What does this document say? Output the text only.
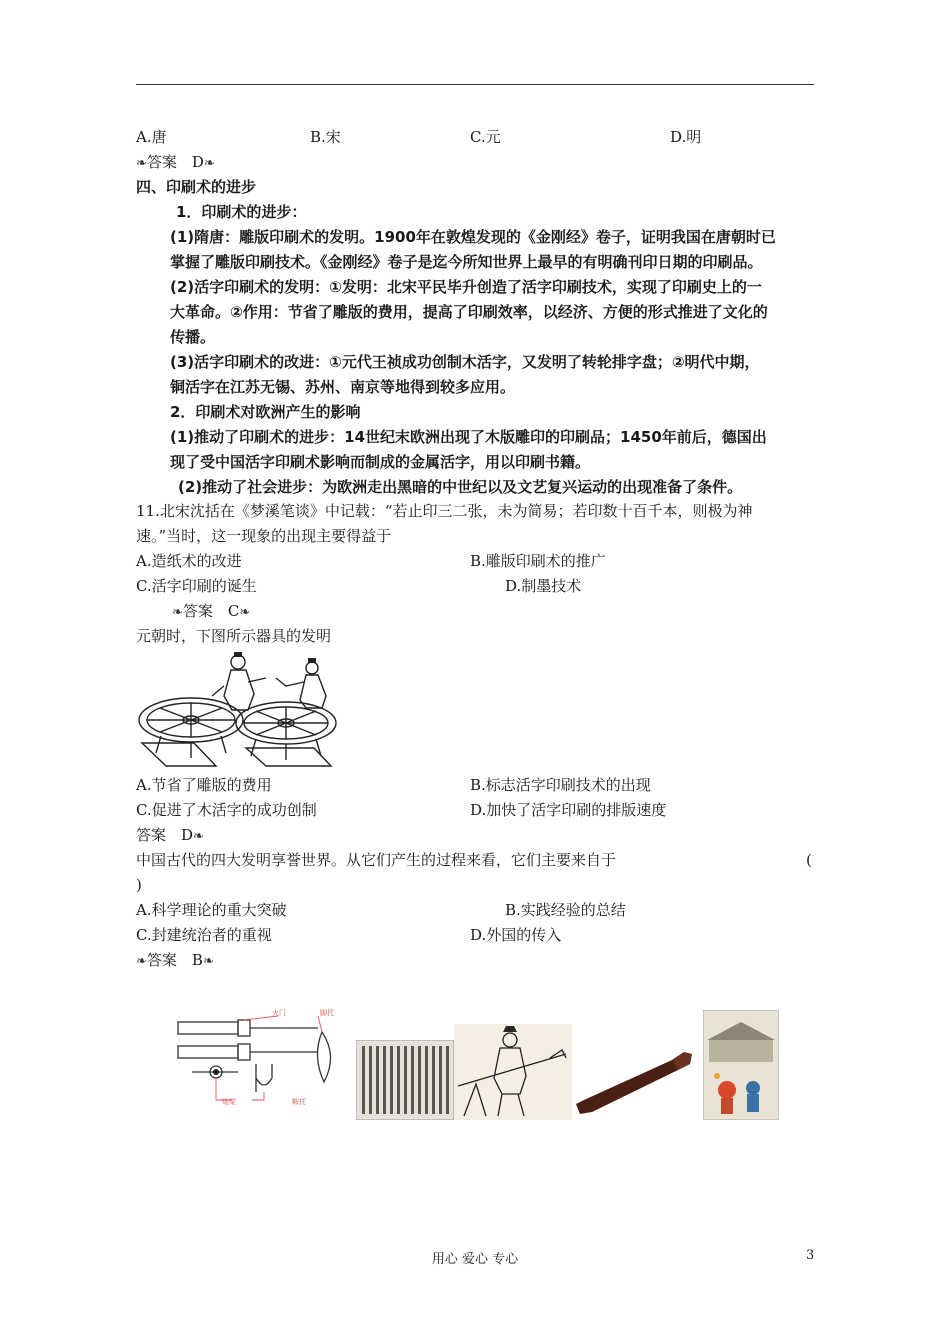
A.唐	B.宋	C.元	D.明
❧答案　D❧
四、印刷术的进步
1．印刷术的进步：
(1)隋唐：雕版印刷术的发明。1900年在敦煌发现的《金刚经》卷子，证明我国在唐朝时已
掌握了雕版印刷技术。《金刚经》卷子是迄今所知世界上最早的有明确刊印日期的印刷品。
(2)活字印刷术的发明：①发明：北宋平民毕升创造了活字印刷技术，实现了印刷史上的一
大革命。②作用：节省了雕版的费用，提高了印刷效率，以经济、方便的形式推进了文化的
传播。
(3)活字印刷术的改进：①元代王祯成功创制木活字，又发明了转轮排字盘；②明代中期，
铜活字在江苏无锡、苏州、南京等地得到较多应用。
2．印刷术对欧洲产生的影响
(1)推动了印刷术的进步：14世纪末欧洲出现了木版雕印的印刷品；1450年前后，德国出
现了受中国活字印刷术影响而制成的金属活字，用以印刷书籍。
(2)推动了社会进步：为欧洲走出黑暗的中世纪以及文艺复兴运动的出现准备了条件。
11.北宋沈括在《梦溪笔谈》中记载：“若止印三二张，未为简易；若印数十百千本，则极为神
速。”当时，这一现象的出现主要得益于
A.造纸术的改进	B.雕版印刷术的推广
C.活字印刷的诞生	D.制墨技术
❧答案　C❧
元朝时，下图所示器具的发明
A.节省了雕版的费用	B.标志活字印刷技术的出现
C.促进了木活字的成功创制	D.加快了活字印刷的排版速度
答案　D❧
中国古代的四大发明享誉世界。从它们产生的过程来看，它们主要来自于	(
)
A.科学理论的重大突破	B.实践经验的总结
C.封建统治者的重视	D.外国的传入
❧答案　B❧
火门	脚托
炮架	鞍托
用心 爱心 专心	3
